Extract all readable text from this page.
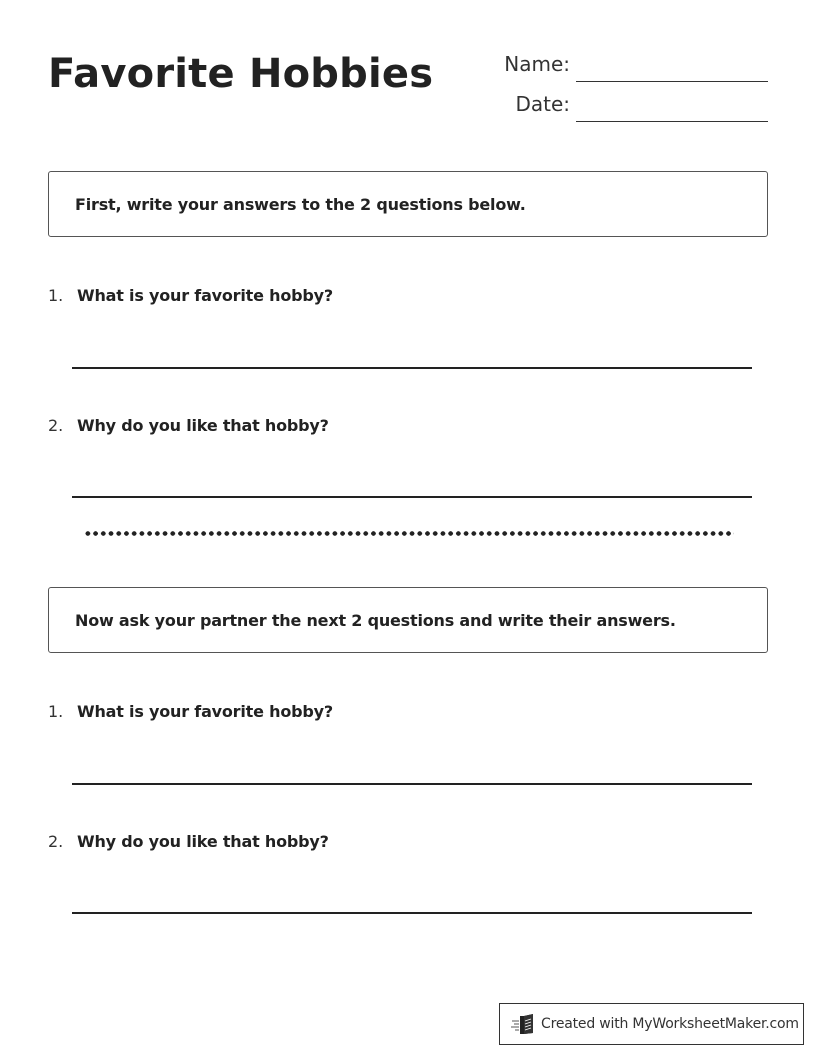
Favorite Hobbies	Name:
Date:
First, write your answers to the 2 questions below.
1. What is your favorite hobby?
2. Why do you like that hobby?
Now ask your partner the next 2 questions and write their answers.
1. What is your favorite hobby?
2. Why do you like that hobby?
Created with MyWorksheetMaker.com
